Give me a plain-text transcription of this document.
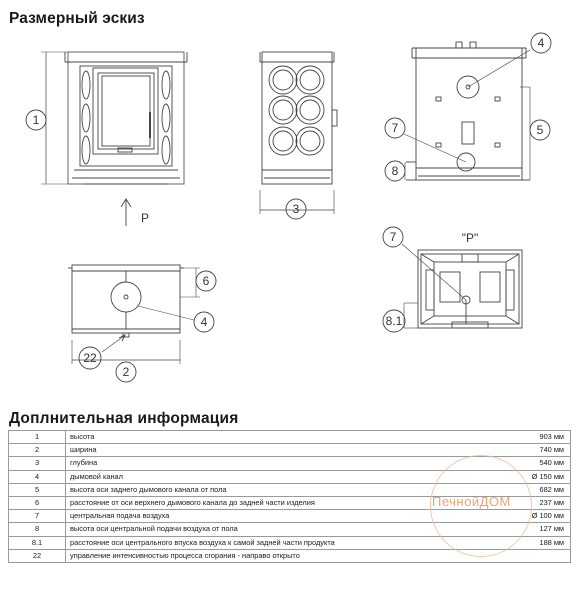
Размерный эскиз
1
3
4
7	5
8
6
4
2
22
7
8.1
P
"P"
Доплнительная информация
1	высота	903 мм
2	ширина	740 мм
3	глубина	540 мм
4	дымовой канал	Ø 150 мм
5	высота оси заднего дымового канала от пола	682 мм
6	расстояние от оси верхнего дымового канала до задней части изделия	237 мм
7	центральная подача воздуха	Ø 100 мм
8	высота оси центральной подачи воздуха от пола	127 мм
8.1	расстояние оси центрального впуска воздуха к самой задней части продукта	188 мм
22	управление интенсивностью процесса сгорания - направо открыто	
ПечнойДОМ
